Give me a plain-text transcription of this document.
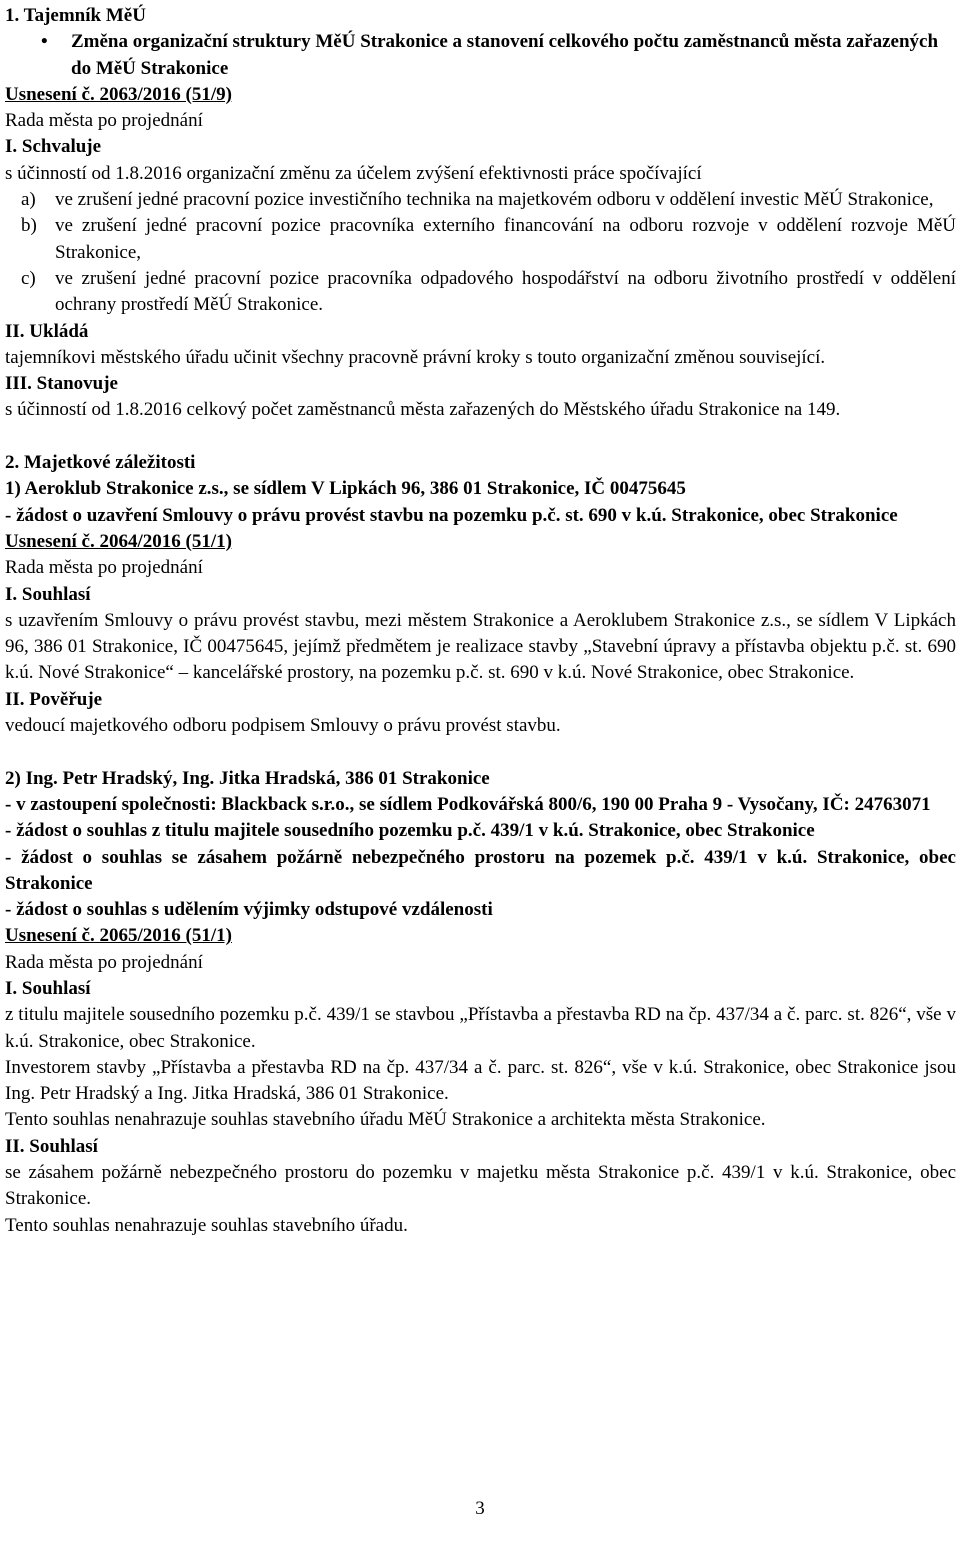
1. Tajemník MěÚ

•	Změna organizační struktury MěÚ Strakonice a stanovení celkového počtu zaměstnanců města zařazených do MěÚ Strakonice

Usnesení č. 2063/2016 (51/9)

Rada města po projednání

I. Schvaluje

s účinností od 1.8.2016 organizační změnu za účelem zvýšení efektivnosti práce spočívající

a)	ve zrušení jedné pracovní pozice investičního technika na majetkovém odboru v oddělení investic MěÚ Strakonice,
b) ve zrušení jedné pracovní pozice pracovníka externího financování na odboru rozvoje v oddělení rozvoje MěÚ Strakonice,
c)	ve zrušení jedné pracovní pozice pracovníka odpadového hospodářství na odboru životního prostředí v oddělení ochrany prostředí MěÚ Strakonice.

II. Ukládá

tajemníkovi městského úřadu učinit všechny pracovně právní kroky s touto organizační změnou související.

III. Stanovuje

s účinností od 1.8.2016 celkový počet zaměstnanců města zařazených do Městského úřadu Strakonice na 149.

2. Majetkové záležitosti

1) Aeroklub Strakonice z.s., se sídlem V Lipkách 96, 386 01 Strakonice, IČ 00475645

- žádost o uzavření Smlouvy o právu provést stavbu na pozemku p.č. st. 690 v k.ú. Strakonice, obec Strakonice

Usnesení č. 2064/2016 (51/1)

Rada města po projednání

I. Souhlasí

s uzavřením Smlouvy o právu provést stavbu, mezi městem Strakonice a Aeroklubem Strakonice z.s., se sídlem V Lipkách 96, 386 01 Strakonice, IČ 00475645, jejímž předmětem je realizace stavby „Stavební úpravy a přístavba objektu p.č. st. 690 k.ú. Nové Strakonice“ – kancelářské prostory, na pozemku p.č. st. 690 v k.ú. Nové Strakonice, obec Strakonice.

II. Pověřuje

vedoucí majetkového odboru podpisem Smlouvy o právu provést stavbu.

2) Ing. Petr Hradský, Ing. Jitka Hradská, 386 01 Strakonice

- v zastoupení společnosti: Blackback s.r.o., se sídlem Podkovářská 800/6, 190 00 Praha 9 - Vysočany, IČ: 24763071

- žádost o souhlas z titulu majitele sousedního pozemku p.č. 439/1 v k.ú. Strakonice, obec Strakonice

- žádost o souhlas se zásahem požárně nebezpečného prostoru na pozemek p.č. 439/1 v k.ú. Strakonice, obec Strakonice

- žádost o souhlas s udělením výjimky odstupové vzdálenosti

Usnesení č. 2065/2016 (51/1)

Rada města po projednání

I. Souhlasí

z titulu majitele sousedního pozemku p.č. 439/1 se stavbou „Přístavba a přestavba RD na čp. 437/34 a č. parc. st. 826“, vše v k.ú. Strakonice, obec Strakonice.

Investorem stavby „Přístavba a přestavba RD na čp. 437/34 a č. parc. st. 826“, vše v k.ú. Strakonice, obec Strakonice jsou Ing. Petr Hradský a Ing. Jitka Hradská, 386 01 Strakonice.

Tento souhlas nenahrazuje souhlas stavebního úřadu MěÚ Strakonice a architekta města Strakonice.

II. Souhlasí

se zásahem požárně nebezpečného prostoru do pozemku v majetku města Strakonice p.č. 439/1 v k.ú. Strakonice, obec Strakonice.

Tento souhlas nenahrazuje souhlas stavebního úřadu.

3
